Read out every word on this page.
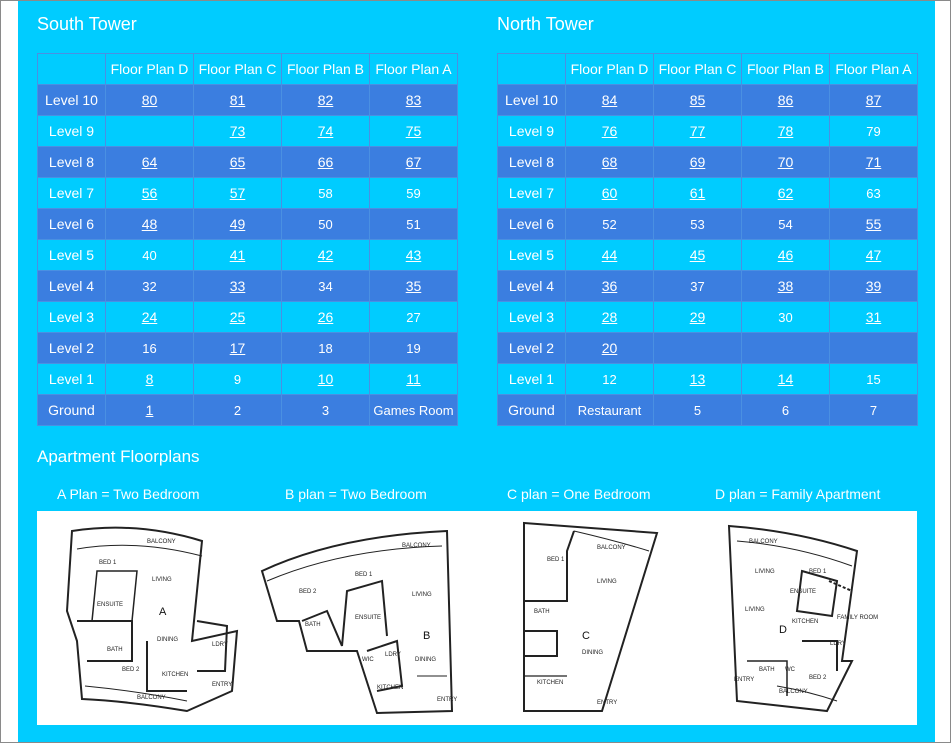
South Tower	North Tower
	Floor Plan D	Floor Plan C	Floor Plan B	Floor Plan A
Level 10	80	81	82	83
Level 9		73	74	75
Level 8	64	65	66	67
Level 7	56	57	58	59
Level 6	48	49	50	51
Level 5	40	41	42	43
Level 4	32	33	34	35
Level 3	24	25	26	27
Level 2	16	17	18	19
Level 1	8	9	10	11
Ground	1	2	3	Games Room
	Floor Plan D	Floor Plan C	Floor Plan B	Floor Plan A
Level 10	84	85	86	87
Level 9	76	77	78	79
Level 8	68	69	70	71
Level 7	60	61	62	63
Level 6	52	53	54	55
Level 5	44	45	46	47
Level 4	36	37	38	39
Level 3	28	29	30	31
Level 2	20			
Level 1	12	13	14	15
Ground	Restaurant	5	6	7
Apartment Floorplans
A Plan = Two Bedroom	B plan = Two Bedroom	C plan = One Bedroom	D plan = Family Apartment
BALCONY
BED 1
LIVING
ENSUITE
BATH
DINING
LDRY
BED 2
KITCHEN
ENTRY
BALCONY
A
BALCONY
BED 1
BED 2	LIVING
BATH
ENSUITE
WIC
LDRY
DINING
KITCHEN
ENTRY
B
BALCONY
BED 1
LIVING
BATH
DINING
KITCHEN
ENTRY
C
BALCONY
LIVING	BED 1
ENSUITE
FAMILY ROOM
LIVING
KITCHEN
LDRY
ENTRY
BATH WC
BED 2
BALCONY
D
